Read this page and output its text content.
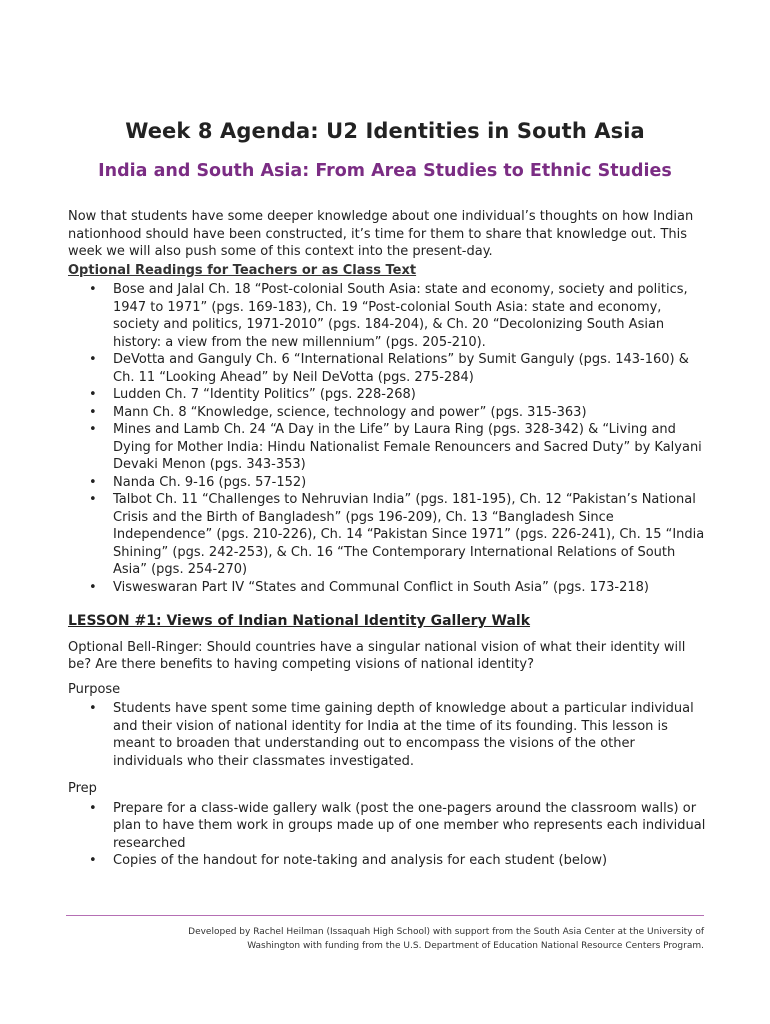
Week 8 Agenda: U2 Identities in South Asia
India and South Asia: From Area Studies to Ethnic Studies

Now that students have some deeper knowledge about one individual’s thoughts on how Indian nationhood should have been constructed, it’s time for them to share that knowledge out. This week we will also push some of this context into the present-day.

Optional Readings for Teachers or as Class Text

• Bose and Jalal Ch. 18 “Post-colonial South Asia: state and economy, society and politics, 1947 to 1971” (pgs. 169-183), Ch. 19 “Post-colonial South Asia: state and economy, society and politics, 1971-2010” (pgs. 184-204), & Ch. 20 “Decolonizing South Asian history: a view from the new millennium” (pgs. 205-210).
• DeVotta and Ganguly Ch. 6 “International Relations” by Sumit Ganguly (pgs. 143-160) & Ch. 11 “Looking Ahead” by Neil DeVotta (pgs. 275-284)
• Ludden Ch. 7 “Identity Politics” (pgs. 228-268)
• Mann Ch. 8 “Knowledge, science, technology and power” (pgs. 315-363)
• Mines and Lamb Ch. 24 “A Day in the Life” by Laura Ring (pgs. 328-342) & “Living and Dying for Mother India: Hindu Nationalist Female Renouncers and Sacred Duty” by Kalyani Devaki Menon (pgs. 343-353)
• Nanda Ch. 9-16 (pgs. 57-152)
• Talbot Ch. 11 “Challenges to Nehruvian India” (pgs. 181-195), Ch. 12 “Pakistan’s National Crisis and the Birth of Bangladesh” (pgs 196-209), Ch. 13 “Bangladesh Since Independence” (pgs. 210-226), Ch. 14 “Pakistan Since 1971” (pgs. 226-241), Ch. 15 “India Shining” (pgs. 242-253), & Ch. 16 “The Contemporary International Relations of South Asia” (pgs. 254-270)
• Visweswaran Part IV “States and Communal Conflict in South Asia” (pgs. 173-218)

LESSON #1: Views of Indian National Identity Gallery Walk

Optional Bell-Ringer: Should countries have a singular national vision of what their identity will be? Are there benefits to having competing visions of national identity?

Purpose

• Students have spent some time gaining depth of knowledge about a particular individual and their vision of national identity for India at the time of its founding. This lesson is meant to broaden that understanding out to encompass the visions of the other individuals who their classmates investigated.

Prep

• Prepare for a class-wide gallery walk (post the one-pagers around the classroom walls) or plan to have them work in groups made up of one member who represents each individual researched
• Copies of the handout for note-taking and analysis for each student (below)
Developed by Rachel Heilman (Issaquah High School) with support from the South Asia Center at the University of
Washington with funding from the U.S. Department of Education National Resource Centers Program.
